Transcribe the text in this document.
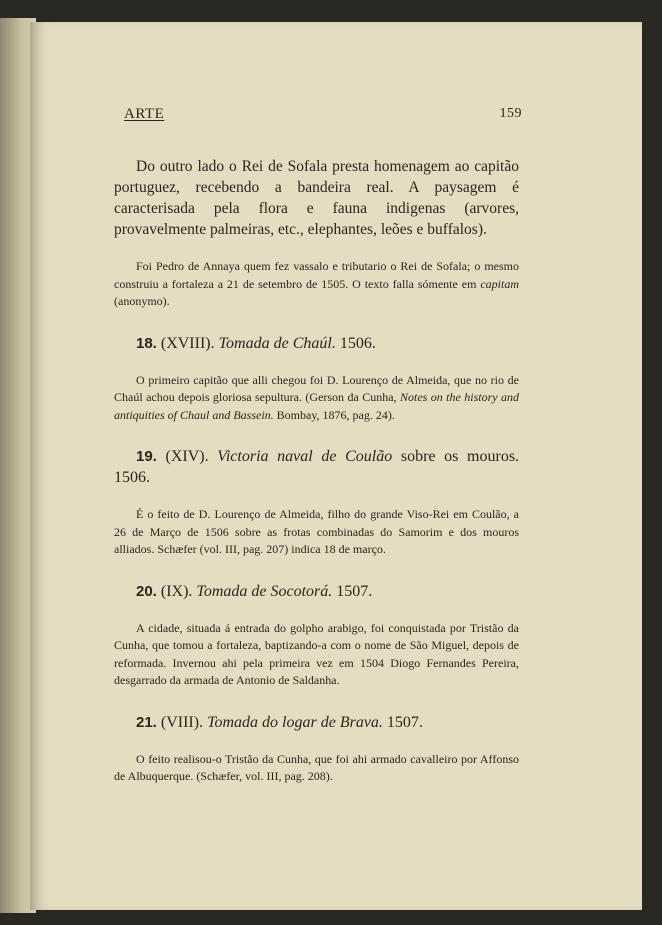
ARTE	159

Do outro lado o Rei de Sofala presta homenagem ao capitão portuguez, recebendo a bandeira real. A paysagem é caracterisada pela flora e fauna indigenas (arvores, provavelmente palmeiras, etc., elephantes, leões e buffalos).

Foi Pedro de Annaya quem fez vassalo e tributario o Rei de Sofala; o mesmo construiu a fortaleza a 21 de setembro de 1505. O texto falla sómente em capitam (anonymo).

18. (XVIII). Tomada de Chaúl. 1506.

O primeiro capitão que alli chegou foi D. Lourenço de Almeida, que no rio de Chaúl achou depois gloriosa sepultura. (Gerson da Cunha, Notes on the history and antiquities of Chaul and Bassein. Bombay, 1876, pag. 24).

19. (XIV). Victoria naval de Coulão sobre os mouros. 1506.

É o feito de D. Lourenço de Almeida, filho do grande Viso-Rei em Coulão, a 26 de Março de 1506 sobre as frotas combinadas do Samorim e dos mouros alliados. Schæfer (vol. III, pag. 207) indica 18 de março.

20. (IX). Tomada de Socotorá. 1507.

A cidade, situada á entrada do golpho arabigo, foi conquistada por Tristão da Cunha, que tomou a fortaleza, baptizando-a com o nome de São Miguel, depois de reformada. Invernou ahi pela primeira vez em 1504 Diogo Fernandes Pereira, desgarrado da armada de Antonio de Saldanha.

21. (VIII). Tomada do logar de Brava. 1507.

O feito realisou-o Tristão da Cunha, que foi ahi armado cavalleiro por Affonso de Albuquerque. (Schæfer, vol. III, pag. 208).
